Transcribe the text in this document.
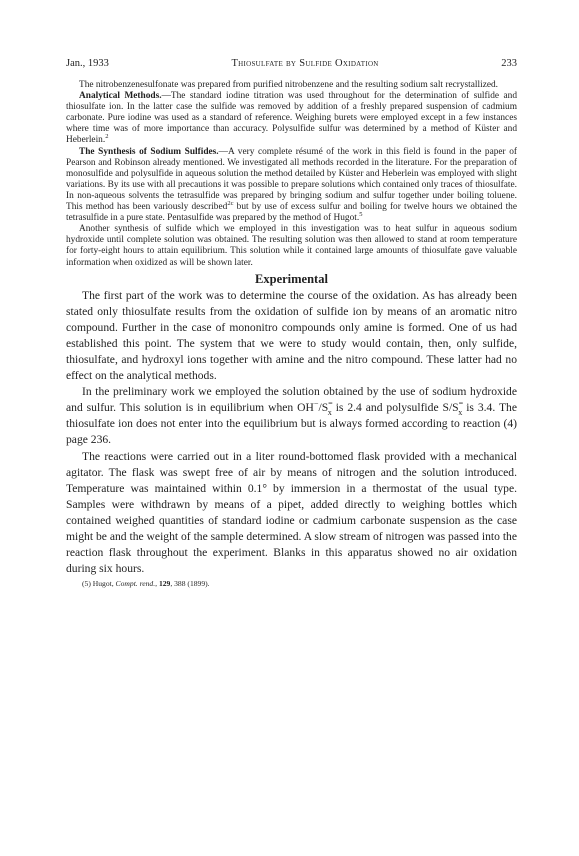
Jan., 1933	Thiosulfate by Sulfide Oxidation	233

The nitrobenzenesulfonate was prepared from purified nitrobenzene and the resulting sodium salt recrystallized.

Analytical Methods.—The standard iodine titration was used throughout for the determination of sulfide and thiosulfate ion. In the latter case the sulfide was removed by addition of a freshly prepared suspension of cadmium carbonate. Pure iodine was used as a standard of reference. Weighing burets were employed except in a few instances where time was of more importance than accuracy. Polysulfide sulfur was determined by a method of Küster and Heberlein.$^2$

The Synthesis of Sodium Sulfides.—A very complete résumé of the work in this field is found in the paper of Pearson and Robinson already mentioned. We investigated all methods recorded in the literature. For the preparation of monosulfide and polysulfide in aqueous solution the method detailed by Küster and Heberlein was employed with slight variations. By its use with all precautions it was possible to prepare solutions which contained only traces of thiosulfate. In non-aqueous solvents the tetrasulfide was prepared by bringing sodium and sulfur together under boiling toluene. This method has been variously described$^{2c}$ but by use of excess sulfur and boiling for twelve hours we obtained the tetrasulfide in a pure state. Pentasulfide was prepared by the method of Hugot.$^5$

Another synthesis of sulfide which we employed in this investigation was to heat sulfur in aqueous sodium hydroxide until complete solution was obtained. The resulting solution was then allowed to stand at room temperature for forty-eight hours to attain equilibrium. This solution while it contained large amounts of thiosulfate gave valuable information when oxidized as will be shown later.

Experimental

The first part of the work was to determine the course of the oxidation. As has already been stated only thiosulfate results from the oxidation of sulfide ion by means of an aromatic nitro compound. Further in the case of mononitro compounds only amine is formed. One of us had established this point. The system that we were to study would contain, then, only sulfide, thiosulfate, and hydroxyl ions together with amine and the nitro compound. These latter had no effect on the analytical methods.

In the preliminary work we employed the solution obtained by the use of sodium hydroxide and sulfur. This solution is in equilibrium when $OH^-/S^=_x$ is 2.4 and polysulfide $S/S^=_x$ is 3.4. The thiosulfate ion does not enter into the equilibrium but is always formed according to reaction (4) page 236.

The reactions were carried out in a liter round-bottomed flask provided with a mechanical agitator. The flask was swept free of air by means of nitrogen and the solution introduced. Temperature was maintained within 0.1° by immersion in a thermostat of the usual type. Samples were withdrawn by means of a pipet, added directly to weighing bottles which contained weighed quantities of standard iodine or cadmium carbonate suspension as the case might be and the weight of the sample determined. A slow stream of nitrogen was passed into the reaction flask throughout the experiment. Blanks in this apparatus showed no air oxidation during six hours.

(5) Hugot, Compt. rend., 129, 388 (1899).
